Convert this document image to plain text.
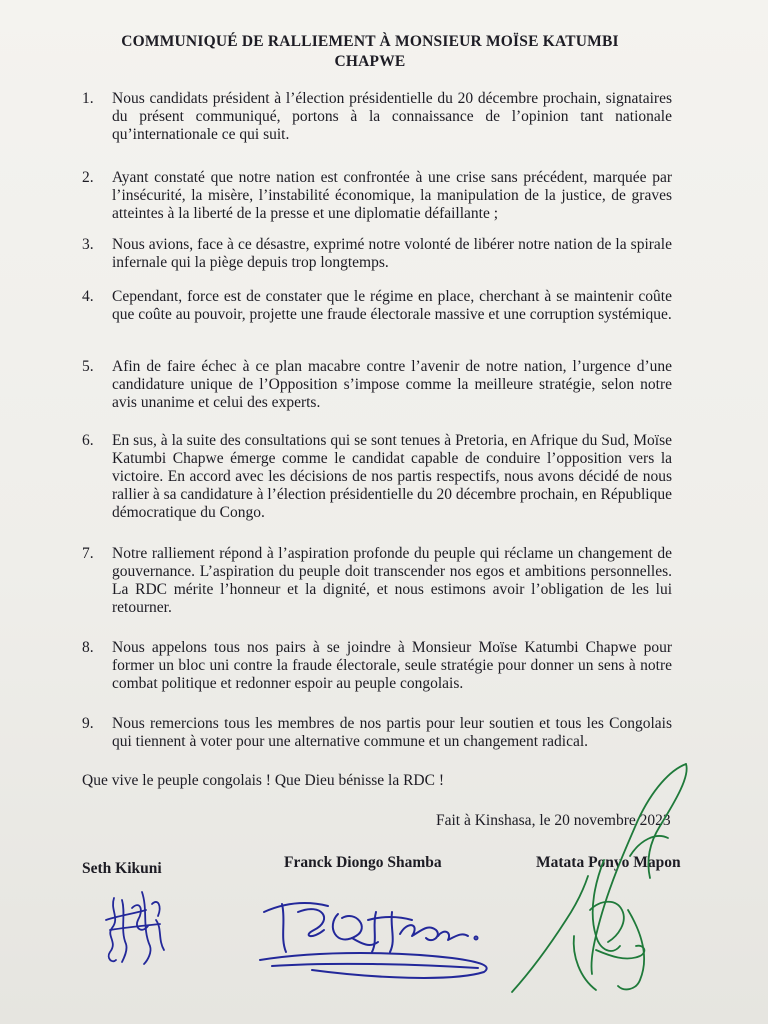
COMMUNIQUÉ DE RALLIEMENT À MONSIEUR MOÏSE KATUMBI
CHAPWE
1.	Nous candidats président à l’élection présidentielle du 20 décembre prochain, signataires du présent communiqué, portons à la connaissance de l’opinion tant nationale qu’internationale ce qui suit.
2.	Ayant constaté que notre nation est confrontée à une crise sans précédent, marquée par l’insécurité, la misère, l’instabilité économique, la manipulation de la justice, de graves atteintes à la liberté de la presse et une diplomatie défaillante ;
3.	Nous avions, face à ce désastre, exprimé notre volonté de libérer notre nation de la spirale infernale qui la piège depuis trop longtemps.
4.	Cependant, force est de constater que le régime en place, cherchant à se maintenir coûte que coûte au pouvoir, projette une fraude électorale massive et une corruption systémique.
5.	Afin de faire échec à ce plan macabre contre l’avenir de notre nation, l’urgence d’une candidature unique de l’Opposition s’impose comme la meilleure stratégie, selon notre avis unanime et celui des experts.
6.	En sus, à la suite des consultations qui se sont tenues à Pretoria, en Afrique du Sud, Moïse Katumbi Chapwe émerge comme le candidat capable de conduire l’opposition vers la victoire. En accord avec les décisions de nos partis respectifs, nous avons décidé de nous rallier à sa candidature à l’élection présidentielle du 20 décembre prochain, en République démocratique du Congo.
7.	Notre ralliement répond à l’aspiration profonde du peuple qui réclame un changement de gouvernance. L’aspiration du peuple doit transcender nos egos et ambitions personnelles. La RDC mérite l’honneur et la dignité, et nous estimons avoir l’obligation de les lui retourner.
8.	Nous appelons tous nos pairs à se joindre à Monsieur Moïse Katumbi Chapwe pour former un bloc uni contre la fraude électorale, seule stratégie pour donner un sens à notre combat politique et redonner espoir au peuple congolais.
9.	Nous remercions tous les membres de nos partis pour leur soutien et tous les Congolais qui tiennent à voter pour une alternative commune et un changement radical.
Que vive le peuple congolais ! Que Dieu bénisse la RDC !
Fait à Kinshasa, le 20 novembre 2023
Seth Kikuni	Franck Diongo Shamba	Matata Ponyo Mapon
